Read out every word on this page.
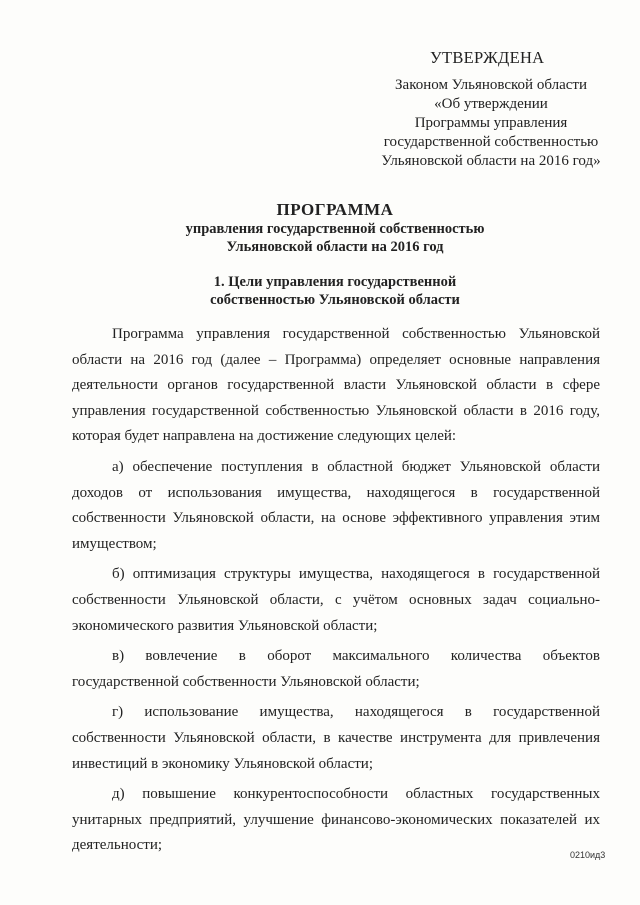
УТВЕРЖДЕНА
Законом Ульяновской области
«Об утверждении
Программы управления
государственной собственностью
Ульяновской области на 2016 год»
ПРОГРАММА
управления государственной собственностью
Ульяновской области на 2016 год
1. Цели управления государственной
собственностью Ульяновской области

Программа управления государственной собственностью Ульяновской области на 2016 год (далее – Программа) определяет основные направления деятельности органов государственной власти Ульяновской области в сфере управления государственной собственностью Ульяновской области в 2016 году, которая будет направлена на достижение следующих целей:

а) обеспечение поступления в областной бюджет Ульяновской области доходов от использования имущества, находящегося в государственной собственности Ульяновской области, на основе эффективного управления этим имуществом;

б) оптимизация структуры имущества, находящегося в государственной собственности Ульяновской области, с учётом основных задач социально-экономического развития Ульяновской области;

в) вовлечение в оборот максимального количества объектов государственной собственности Ульяновской области;

г) использование имущества, находящегося в государственной собственности Ульяновской области, в качестве инструмента для привлечения инвестиций в экономику Ульяновской области;

д) повышение конкурентоспособности областных государственных унитарных предприятий, улучшение финансово-экономических показателей их деятельности;

0210ид3
